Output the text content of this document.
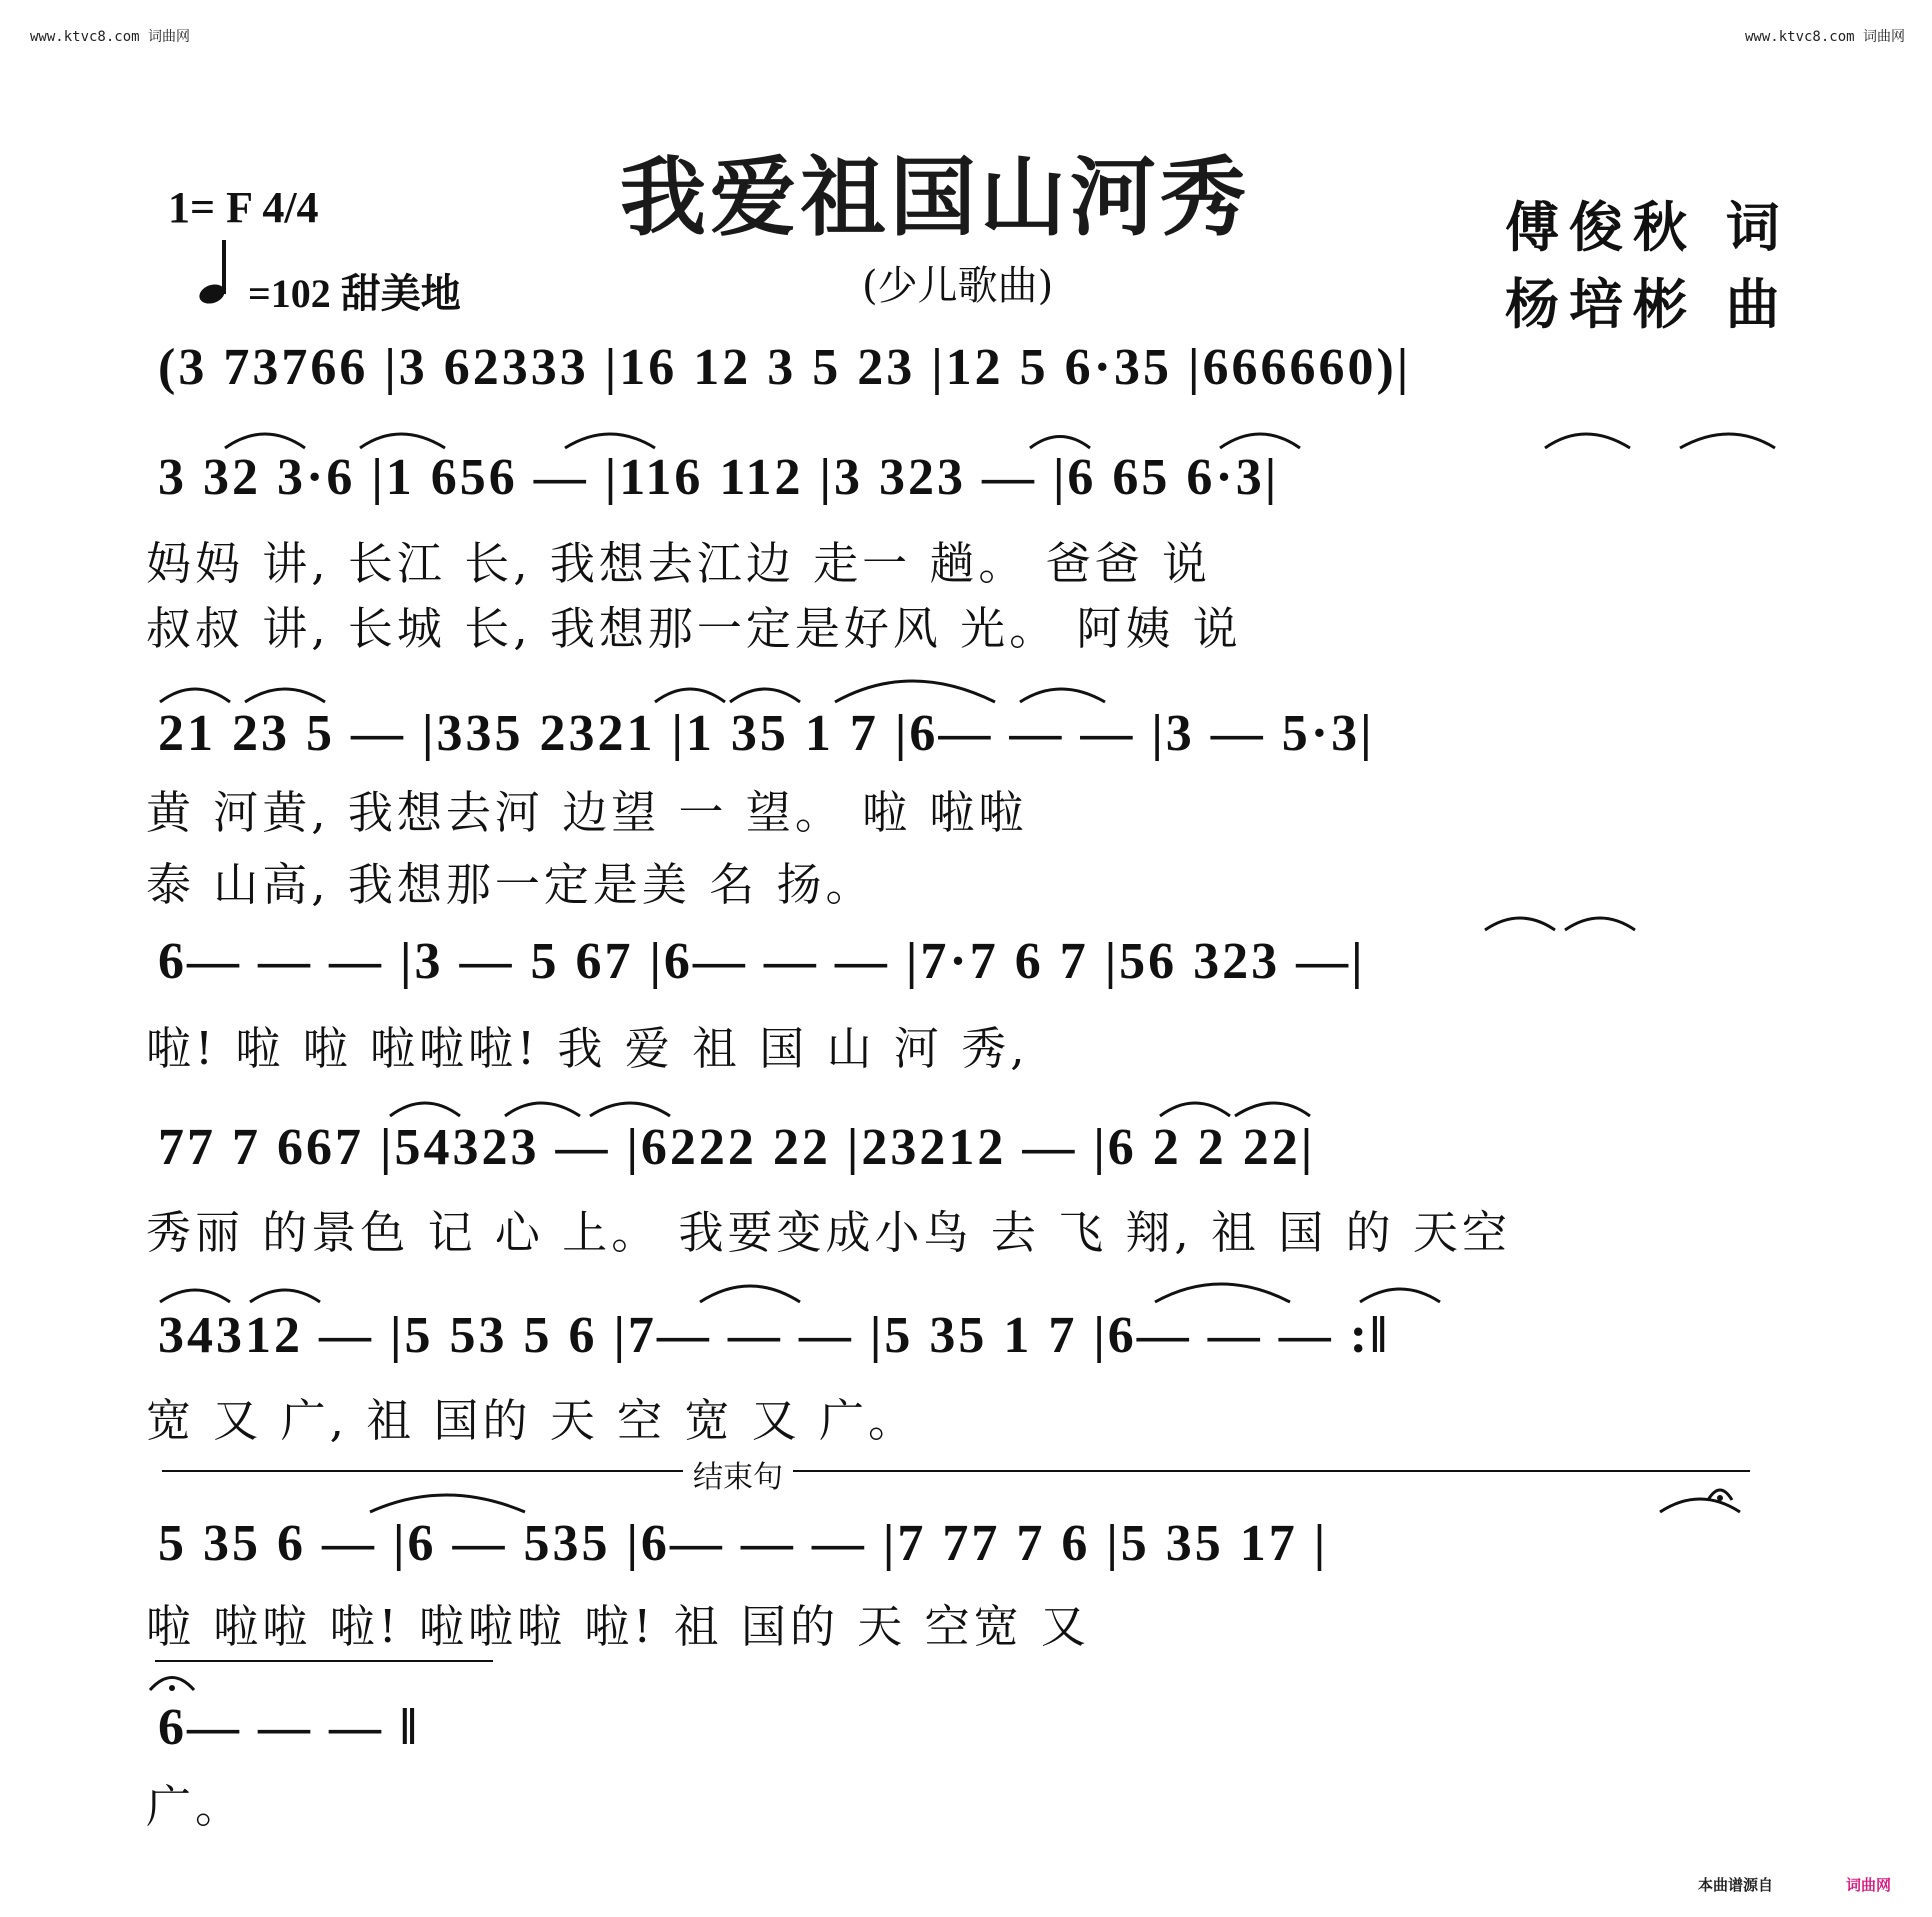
www.ktvc8.com 词曲网	www.ktvc8.com 词曲网
我爱祖国山河秀
(少儿歌曲)
1= F 4/4
=102 甜美地
傅俊秋 词
杨培彬 曲
(3 73766 |3 62333 |16 12 3 5 23 |12 5 6·35 |666660)|
3 32 3·6 |1 656 — |116 112 |3 323 — |6 65 6·3|
妈妈 讲, 长江 长, 我想去江边 走一 趟。 爸爸 说
叔叔 讲, 长城 长, 我想那一定是好风 光。 阿姨 说
21 23 5 — |335 2321 |1 35 1 7 |6— — — |3 — 5·3|
黄 河黄, 我想去河 边望 一 望。 啦 啦啦
泰 山高, 我想那一定是美 名 扬。
6— — — |3 — 5 67 |6— — — |7·7 6 7 |56 323 —|
啦! 啦 啦 啦啦啦! 我 爱 祖 国 山 河 秀,
77 7 667 |54323 — |6222 22 |23212 — |6 2 2 22|
秀丽 的景色 记 心 上。 我要变成小鸟 去 飞 翔, 祖 国 的 天空
34312 — |5 53 5 6 |7— — — |5 35 1 7 |6— — — :‖
宽 又 广, 祖 国的 天 空 宽 又 广。
结束句
5 35 6 — |6 — 535 |6— — — |7 77 7 6 |5 35 17 |
啦 啦啦 啦! 啦啦啦 啦! 祖 国的 天 空宽 又
6— — — ‖
广。
本曲谱源自	词曲网
